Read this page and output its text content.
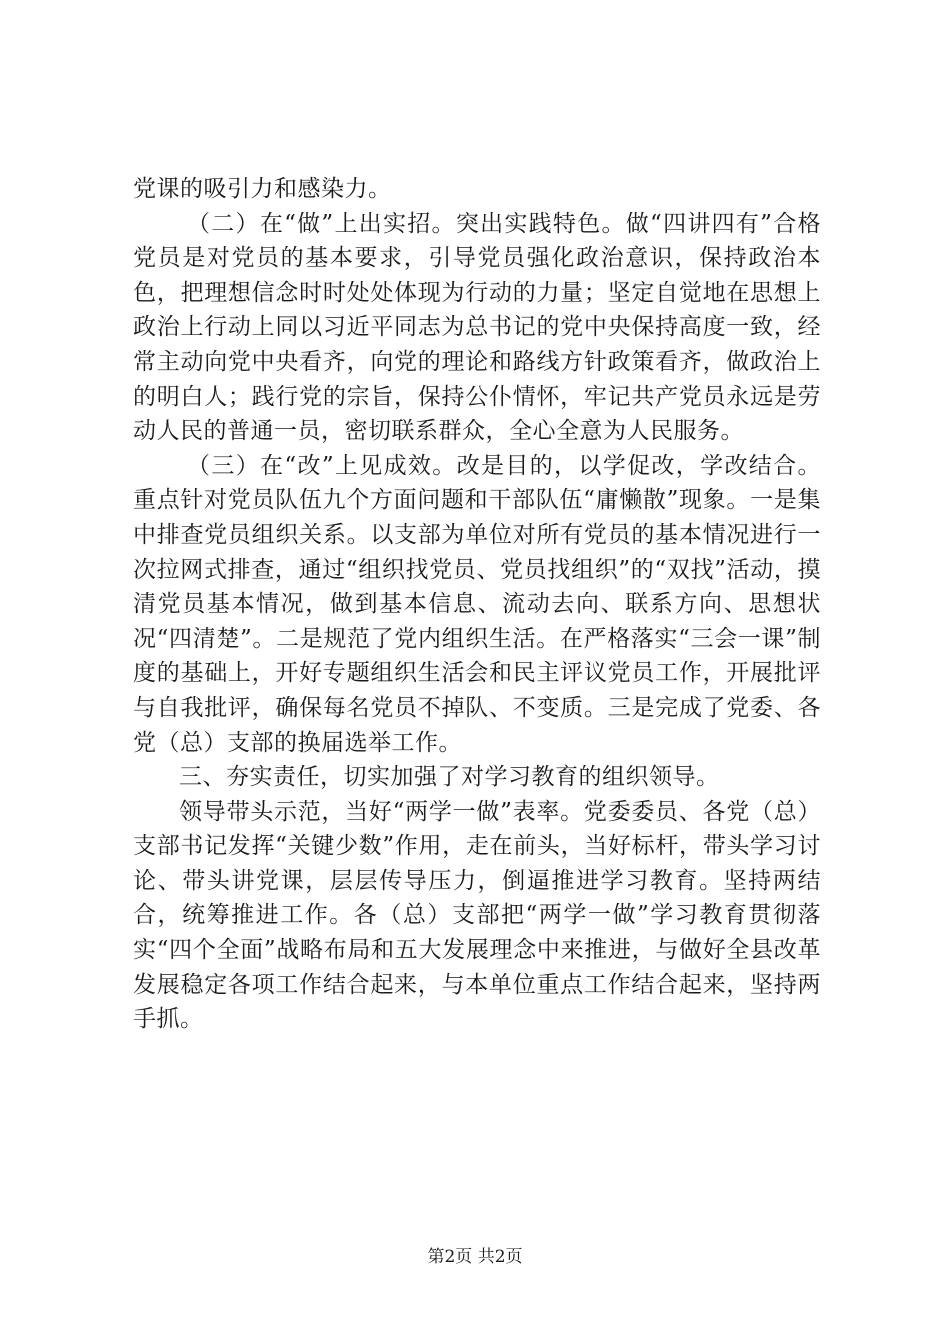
党课的吸引力和感染力。

（二）在“做”上出实招。突出实践特色。做“四讲四有”合格党员是对党员的基本要求，引导党员强化政治意识，保持政治本色，把理想信念时时处处体现为行动的力量；坚定自觉地在思想上政治上行动上同以习近平同志为总书记的党中央保持高度一致，经常主动向党中央看齐，向党的理论和路线方针政策看齐，做政治上的明白人；践行党的宗旨，保持公仆情怀，牢记共产党员永远是劳动人民的普通一员，密切联系群众，全心全意为人民服务。

（三）在“改”上见成效。改是目的，以学促改，学改结合。重点针对党员队伍九个方面问题和干部队伍“庸懒散”现象。一是集中排查党员组织关系。以支部为单位对所有党员的基本情况进行一次拉网式排查，通过“组织找党员、党员找组织”的“双找”活动，摸清党员基本情况，做到基本信息、流动去向、联系方向、思想状况“四清楚”。二是规范了党内组织生活。在严格落实“三会一课”制度的基础上，开好专题组织生活会和民主评议党员工作，开展批评与自我批评，确保每名党员不掉队、不变质。三是完成了党委、各党（总）支部的换届选举工作。

三、夯实责任，切实加强了对学习教育的组织领导。

领导带头示范，当好“两学一做”表率。党委委员、各党（总）支部书记发挥“关键少数”作用，走在前头，当好标杆，带头学习讨论、带头讲党课，层层传导压力，倒逼推进学习教育。坚持两结合，统筹推进工作。各（总）支部把“两学一做”学习教育贯彻落实“四个全面”战略布局和五大发展理念中来推进，与做好全县改革发展稳定各项工作结合起来，与本单位重点工作结合起来，坚持两手抓。

第2页 共2页
